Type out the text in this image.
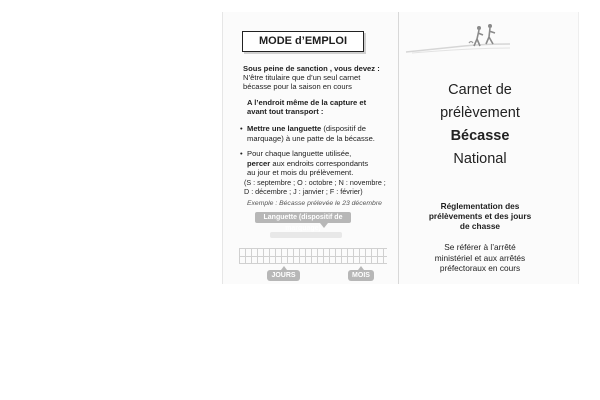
MODE d’EMPLOI
Sous peine de sanction , vous devez :
N’être titulaire que d’un seul carnet
bécasse pour la saison en cours
A l’endroit même de la capture et
avant tout transport :
• Mettre une languette (dispositif de
marquage) à une patte de la bécasse.
• Pour chaque languette utilisée,
percer aux endroits correspondants
au jour et mois du prélèvement.
(S : septembre ; O : octobre ; N : novembre ;
D : décembre ; J : janvier ; F : février)
Exemple : Bécasse prélevée le 23 décembre
Languette (dispositif de marquage)
JOURS	MOIS
Carnet de
prélèvement
Bécasse
National
Réglementation des
prélèvements et des jours
de chasse
Se référer à l’arrêté
ministériel et aux arrêtés
préfectoraux en cours
